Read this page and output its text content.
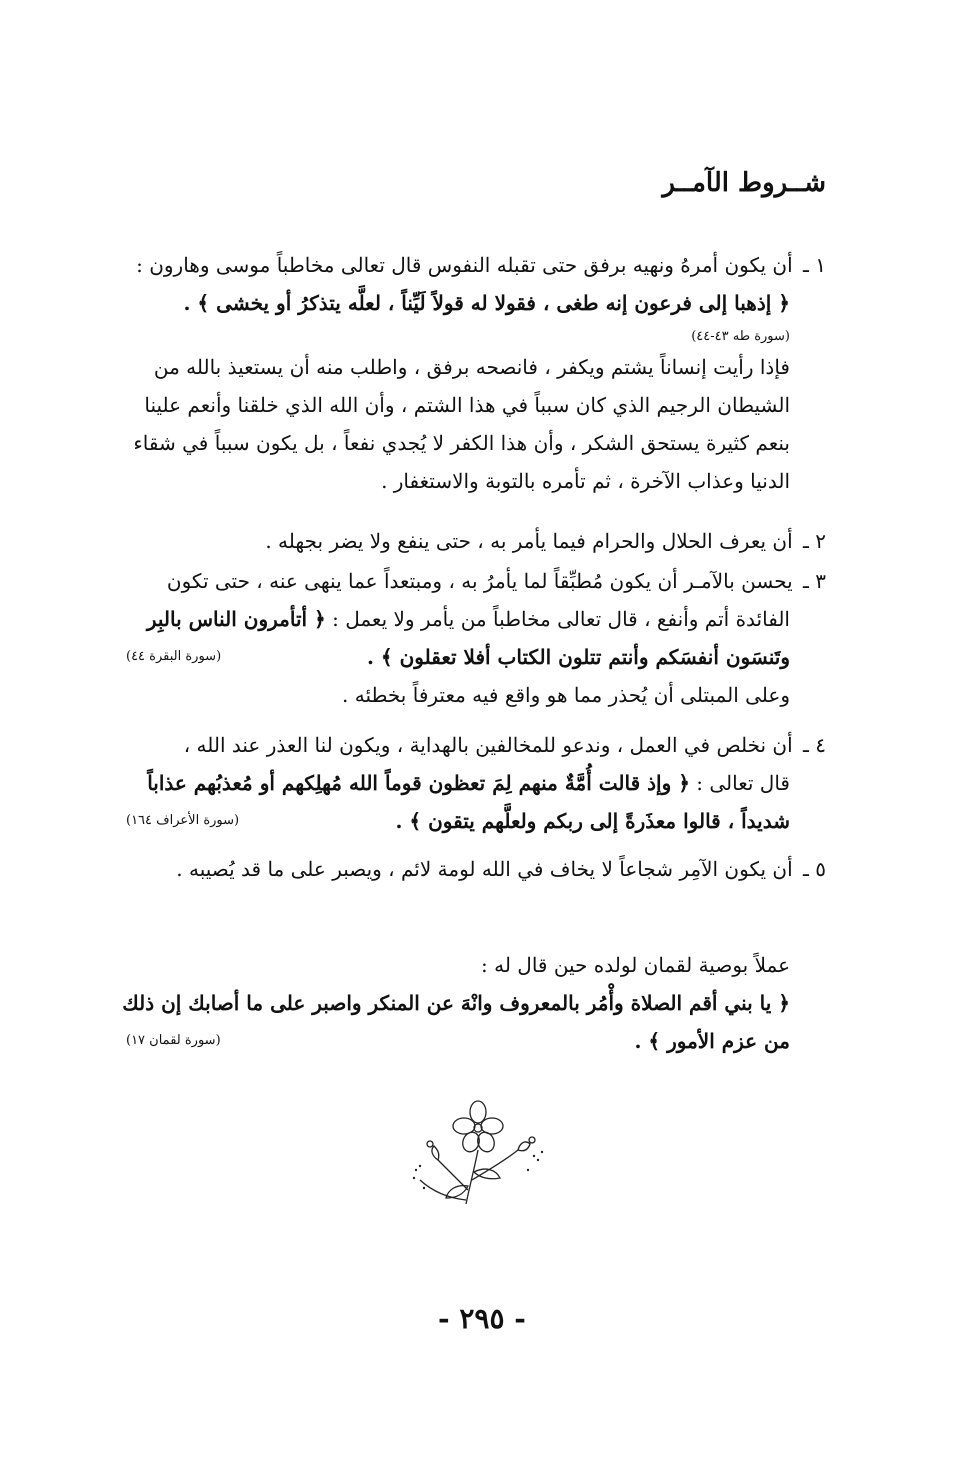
شــروط الآمــر
١ ـ أن يكون أمرهُ ونهيه برفق حتى تقبله النفوس قال تعالى مخاطباً موسى وهارون :
﴿ إذهبا إلى فرعون إنه طغى ، فقولا له قولاً لَيِّناً ، لعلَّه يتذكرُ أو يخشى ﴾ .
(سورة طه ٤٣-٤٤)
فإذا رأيت إنساناً يشتم ويكفر ، فانصحه برفق ، واطلب منه أن يستعيذ بالله من
الشيطان الرجيم الذي كان سبباً في هذا الشتم ، وأن الله الذي خلقنا وأنعم علينا
بنعم كثيرة يستحق الشكر ، وأن هذا الكفر لا يُجدي نفعاً ، بل يكون سبباً في شقاء
الدنيا وعذاب الآخرة ، ثم تأمره بالتوبة والاستغفار .
٢ ـ أن يعرف الحلال والحرام فيما يأمر به ، حتى ينفع ولا يضر بجهله .
٣ ـ يحسن بالآمـر أن يكون مُطبِّقاً لما يأمرُ به ، ومبتعداً عما ينهى عنه ، حتى تكون
الفائدة أتم وأنفع ، قال تعالى مخاطباً من يأمر ولا يعمل : ﴿ أتأمرون الناس بالبِر
وتَنسَون أنفسَكم وأنتم تتلون الكتاب أفلا تعقلون ﴾ .
(سورة البقرة ٤٤)
وعلى المبتلى أن يُحذر مما هو واقع فيه معترفاً بخطئه .
٤ ـ أن نخلص في العمل ، وندعو للمخالفين بالهداية ، ويكون لنا العذر عند الله ،
قال تعالى : ﴿ وإذ قالت أُمَّةٌ منهم لِمَ تعظون قوماً الله مُهلِكهم أو مُعذبُهم عذاباً
شديداً ، قالوا معذَرةً إلى ربكم ولعلَّهم يتقون ﴾ .
(سورة الأعراف ١٦٤)
٥ ـ أن يكون الآمِر شجاعاً لا يخاف في الله لومة لائم ، ويصبر على ما قد يُصيبه .
عملاً بوصية لقمان لولده حين قال له :
﴿ يا بني أقم الصلاة وأْمُر بالمعروف وانْهَ عن المنكر واصبر على ما أصابك إن ذلك
من عزم الأمور ﴾ .
(سورة لقمان ١٧)
- ٢٩٥ -
